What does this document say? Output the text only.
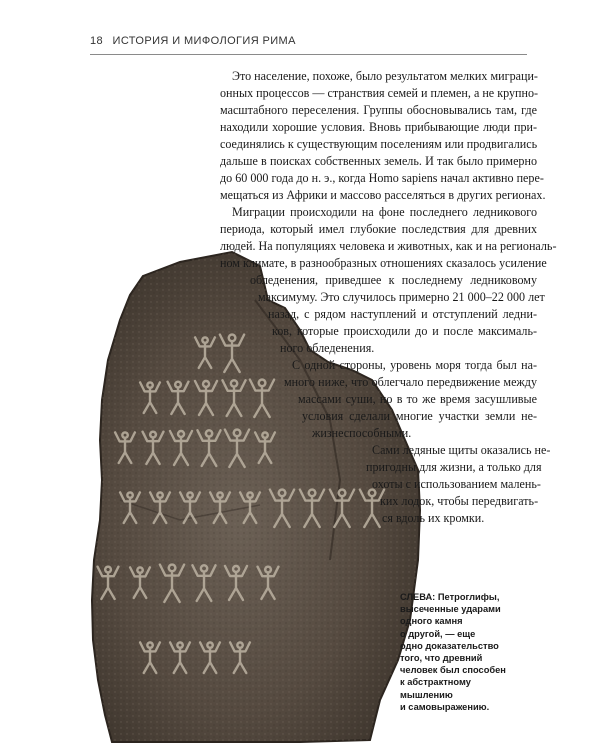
18 ИСТОРИЯ И МИФОЛОГИЯ РИМА
Это население, похоже, было результатом мелких миграци-
онных процессов — странствия семей и племен, а не крупно-
масштабного переселения. Группы обосновывались там, где
находили хорошие условия. Вновь прибывающие люди при-
соединялись к существующим поселениям или продвигались
дальше в поисках собственных земель. И так было примерно
до 60 000 года до н. э., когда Homo sapiens начал активно пере-
мещаться из Африки и массово расселяться в других регионах.
Миграции происходили на фоне последнего ледникового
периода, который имел глубокие последствия для древних
людей. На популяциях человека и животных, как и на региональ-
ном климате, в разнообразных отношениях сказалось усиление
обледенения, приведшее к последнему ледниковому
максимуму. Это случилось примерно 21 000–22 000 лет
назад, с рядом наступлений и отступлений ледни-
ков, которые происходили до и после максималь-
ного обледенения.
С одной стороны, уровень моря тогда был на-
много ниже, что облегчало передвижение между
массами суши, но в то же время засушливые
условия сделали многие участки земли не-
жизнеспособными.
Сами ледяные щиты оказались не-
пригодны для жизни, а только для
охоты с использованием малень-
ких лодок, чтобы передвигать-
ся вдоль их кромки.
СЛЕВА: Петроглифы,
высеченные ударами
одного камня
о другой, — еще
одно доказательство
того, что древний
человек был способен
к абстрактному
мышлению
и самовыражению.
